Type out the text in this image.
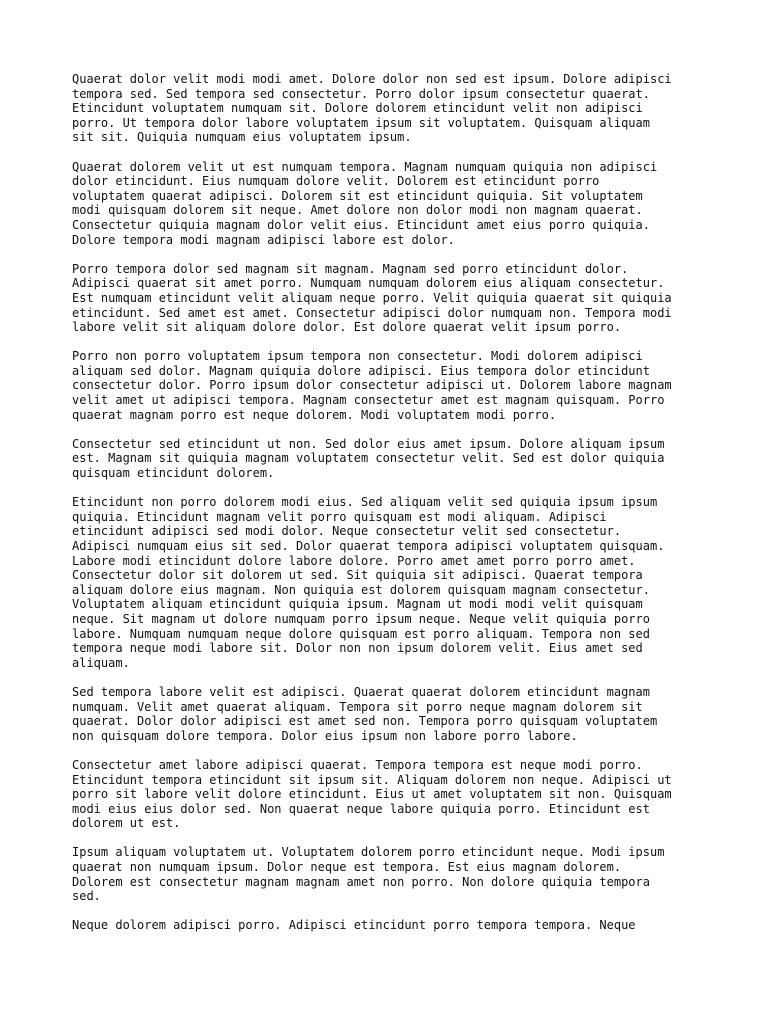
Quaerat dolor velit modi modi amet. Dolore dolor non sed est ipsum. Dolore adipisci
tempora sed. Sed tempora sed consectetur. Porro dolor ipsum consectetur quaerat.
Etincidunt voluptatem numquam sit. Dolore dolorem etincidunt velit non adipisci
porro. Ut tempora dolor labore voluptatem ipsum sit voluptatem. Quisquam aliquam
sit sit. Quiquia numquam eius voluptatem ipsum.

Quaerat dolorem velit ut est numquam tempora. Magnam numquam quiquia non adipisci
dolor etincidunt. Eius numquam dolore velit. Dolorem est etincidunt porro
voluptatem quaerat adipisci. Dolorem sit est etincidunt quiquia. Sit voluptatem
modi quisquam dolorem sit neque. Amet dolore non dolor modi non magnam quaerat.
Consectetur quiquia magnam dolor velit eius. Etincidunt amet eius porro quiquia.
Dolore tempora modi magnam adipisci labore est dolor.

Porro tempora dolor sed magnam sit magnam. Magnam sed porro etincidunt dolor.
Adipisci quaerat sit amet porro. Numquam numquam dolorem eius aliquam consectetur.
Est numquam etincidunt velit aliquam neque porro. Velit quiquia quaerat sit quiquia
etincidunt. Sed amet est amet. Consectetur adipisci dolor numquam non. Tempora modi
labore velit sit aliquam dolore dolor. Est dolore quaerat velit ipsum porro.

Porro non porro voluptatem ipsum tempora non consectetur. Modi dolorem adipisci
aliquam sed dolor. Magnam quiquia dolore adipisci. Eius tempora dolor etincidunt
consectetur dolor. Porro ipsum dolor consectetur adipisci ut. Dolorem labore magnam
velit amet ut adipisci tempora. Magnam consectetur amet est magnam quisquam. Porro
quaerat magnam porro est neque dolorem. Modi voluptatem modi porro.

Consectetur sed etincidunt ut non. Sed dolor eius amet ipsum. Dolore aliquam ipsum
est. Magnam sit quiquia magnam voluptatem consectetur velit. Sed est dolor quiquia
quisquam etincidunt dolorem.

Etincidunt non porro dolorem modi eius. Sed aliquam velit sed quiquia ipsum ipsum
quiquia. Etincidunt magnam velit porro quisquam est modi aliquam. Adipisci
etincidunt adipisci sed modi dolor. Neque consectetur velit sed consectetur.
Adipisci numquam eius sit sed. Dolor quaerat tempora adipisci voluptatem quisquam.
Labore modi etincidunt dolore labore dolore. Porro amet amet porro porro amet.
Consectetur dolor sit dolorem ut sed. Sit quiquia sit adipisci. Quaerat tempora
aliquam dolore eius magnam. Non quiquia est dolorem quisquam magnam consectetur.
Voluptatem aliquam etincidunt quiquia ipsum. Magnam ut modi modi velit quisquam
neque. Sit magnam ut dolore numquam porro ipsum neque. Neque velit quiquia porro
labore. Numquam numquam neque dolore quisquam est porro aliquam. Tempora non sed
tempora neque modi labore sit. Dolor non non ipsum dolorem velit. Eius amet sed
aliquam.

Sed tempora labore velit est adipisci. Quaerat quaerat dolorem etincidunt magnam
numquam. Velit amet quaerat aliquam. Tempora sit porro neque magnam dolorem sit
quaerat. Dolor dolor adipisci est amet sed non. Tempora porro quisquam voluptatem
non quisquam dolore tempora. Dolor eius ipsum non labore porro labore.

Consectetur amet labore adipisci quaerat. Tempora tempora est neque modi porro.
Etincidunt tempora etincidunt sit ipsum sit. Aliquam dolorem non neque. Adipisci ut
porro sit labore velit dolore etincidunt. Eius ut amet voluptatem sit non. Quisquam
modi eius eius dolor sed. Non quaerat neque labore quiquia porro. Etincidunt est
dolorem ut est.

Ipsum aliquam voluptatem ut. Voluptatem dolorem porro etincidunt neque. Modi ipsum
quaerat non numquam ipsum. Dolor neque est tempora. Est eius magnam dolorem.
Dolorem est consectetur magnam magnam amet non porro. Non dolore quiquia tempora
sed.

Neque dolorem adipisci porro. Adipisci etincidunt porro tempora tempora. Neque
